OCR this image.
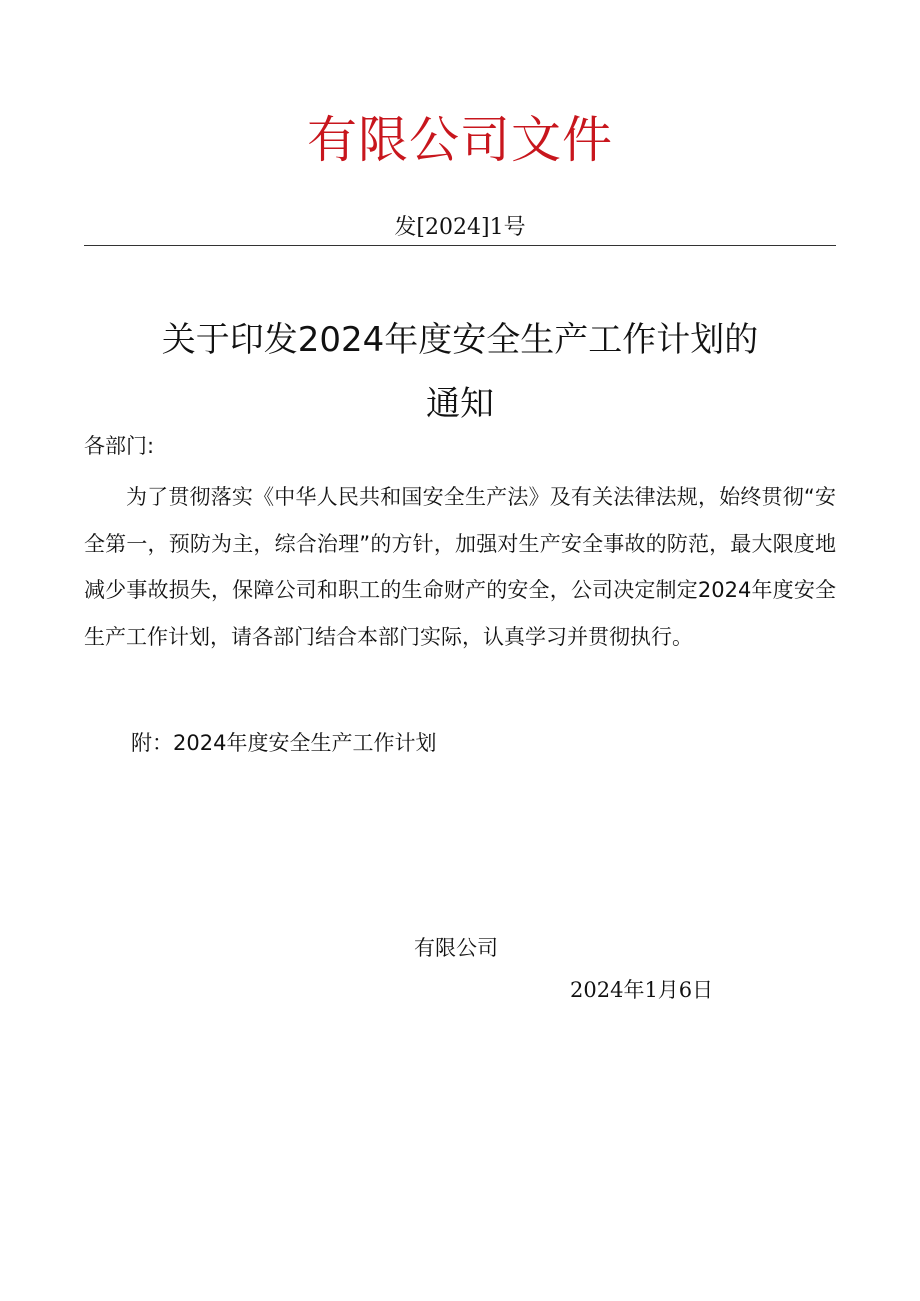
有限公司文件
发[2024]1号
关于印发2024年度安全生产工作计划的
通知
各部门:
为了贯彻落实《中华人民共和国安全生产法》及有关法律法规，始终贯彻“安全第一，预防为主，综合治理”的方针，加强对生产安全事故的防范，最大限度地减少事故损失，保障公司和职工的生命财产的安全，公司决定制定2024年度安全生产工作计划，请各部门结合本部门实际，认真学习并贯彻执行。
附：2024年度安全生产工作计划
有限公司
2024年1月6日
